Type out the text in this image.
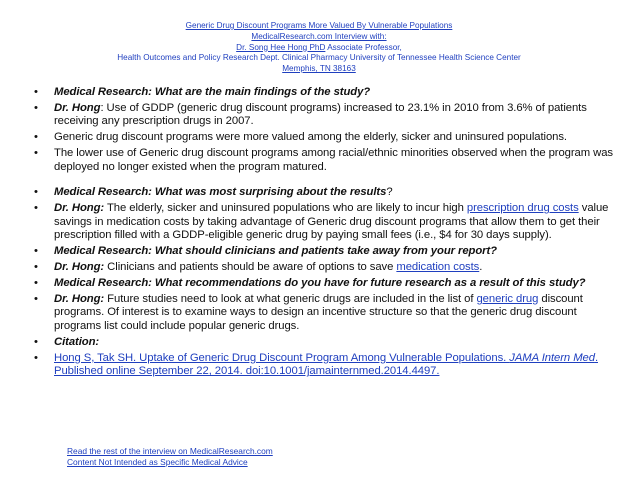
Generic Drug Discount Programs More Valued By Vulnerable Populations
MedicalResearch.com Interview with:
Dr. Song Hee Hong PhD Associate Professor,
Health Outcomes and Policy Research Dept. Clinical Pharmacy University of Tennessee Health Science Center
Memphis, TN 38163
• Medical Research: What are the main findings of the study?
• Dr. Hong: Use of GDDP (generic drug discount programs) increased to 23.1% in 2010 from 3.6% of patients receiving any prescription drugs in 2007.
• Generic drug discount programs were more valued among the elderly, sicker and uninsured populations.
• The lower use of Generic drug discount programs among racial/ethnic minorities observed when the program was deployed no longer existed when the program matured.
• Medical Research: What was most surprising about the results?
• Dr. Hong: The elderly, sicker and uninsured populations who are likely to incur high prescription drug costs value savings in medication costs by taking advantage of Generic drug discount programs that allow them to get their prescription filled with a GDDP-eligible generic drug by paying small fees (i.e., $4 for 30 days supply).
• Medical Research: What should clinicians and patients take away from your report?
• Dr. Hong: Clinicians and patients should be aware of options to save medication costs.
• Medical Research: What recommendations do you have for future research as a result of this study?
• Dr. Hong: Future studies need to look at what generic drugs are included in the list of generic drug discount programs. Of interest is to examine ways to design an incentive structure so that the generic drug discount programs list could include popular generic drugs.
• Citation:
• Hong S, Tak SH. Uptake of Generic Drug Discount Program Among Vulnerable Populations. JAMA Intern Med. Published online September 22, 2014. doi:10.1001/jamainternmed.2014.4497.
Read the rest of the interview on MedicalResearch.com
Content Not Intended as Specific Medical Advice
